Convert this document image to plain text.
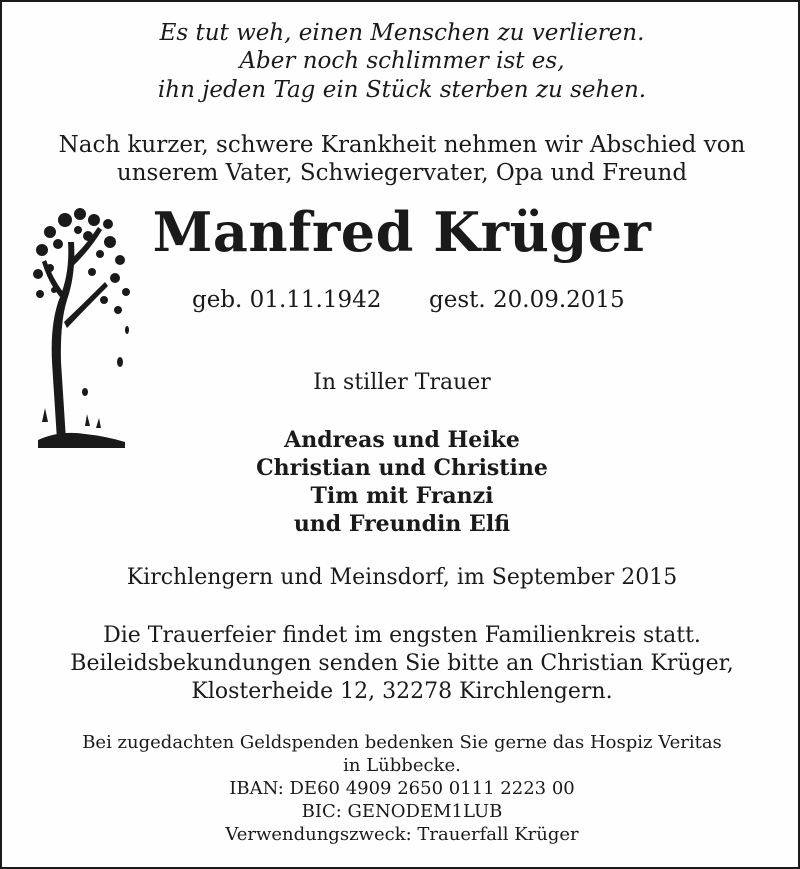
Es tut weh, einen Menschen zu verlieren.
Aber noch schlimmer ist es,
ihn jeden Tag ein Stück sterben zu sehen.
Nach kurzer, schwere Krankheit nehmen wir Abschied von
unserem Vater, Schwiegervater, Opa und Freund
Manfred Krüger
geb. 01.11.1942 gest. 20.09.2015
In stiller Trauer
Andreas und Heike
Christian und Christine
Tim mit Franzi
und Freundin Elfi
Kirchlengern und Meinsdorf, im September 2015
Die Trauerfeier findet im engsten Familienkreis statt.
Beileidsbekundungen senden Sie bitte an Christian Krüger,
Klosterheide 12, 32278 Kirchlengern.
Bei zugedachten Geldspenden bedenken Sie gerne das Hospiz Veritas
in Lübbecke.
IBAN: DE60 4909 2650 0111 2223 00
BIC: GENODEM1LUB
Verwendungszweck: Trauerfall Krüger
